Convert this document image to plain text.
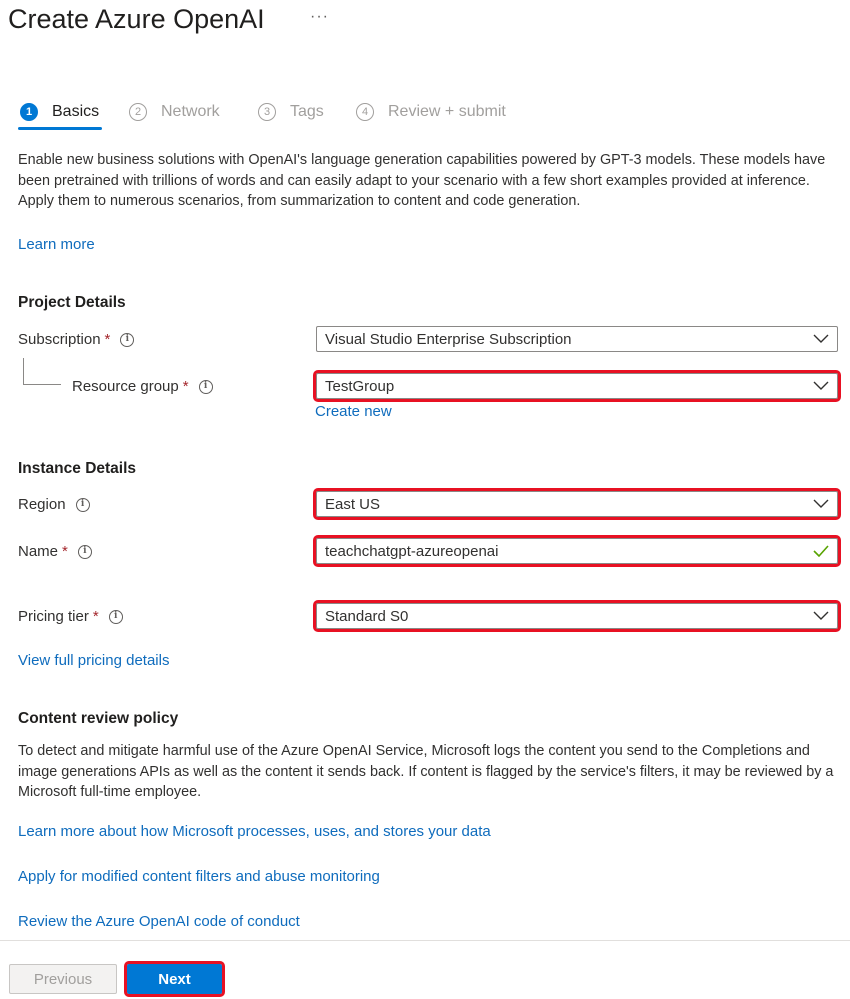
Create Azure OpenAI	···
1	Basics	2	Network	3	Tags	4	Review + submit
Enable new business solutions with OpenAI's language generation capabilities powered by GPT-3 models. These models have been pretrained with trillions of words and can easily adapt to your scenario with a few short examples provided at inference. Apply them to numerous scenarios, from summarization to content and code generation.
Learn more
Project Details
Subscription *	i	Visual Studio Enterprise Subscription
Resource group *	i	TestGroup
Create new
Instance Details
Region	i	East US
Name *	i	teachchatgpt-azureopenai
Pricing tier *	i	Standard S0
View full pricing details
Content review policy
To detect and mitigate harmful use of the Azure OpenAI Service, Microsoft logs the content you send to the Completions and image generations APIs as well as the content it sends back. If content is flagged by the service's filters, it may be reviewed by a Microsoft full-time employee.
Learn more about how Microsoft processes, uses, and stores your data
Apply for modified content filters and abuse monitoring
Review the Azure OpenAI code of conduct
Previous	Next
